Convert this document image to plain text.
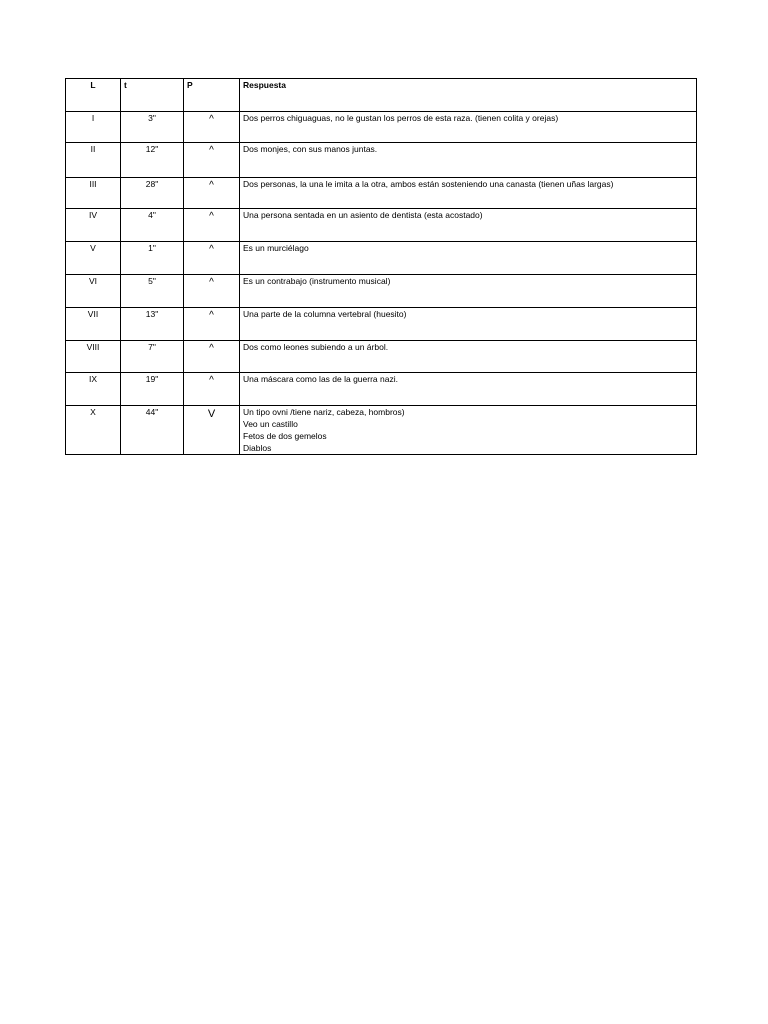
L	t	P	Respuesta
I	3"	^	Dos perros chiguaguas, no le gustan los perros de esta raza. (tienen colita y orejas)

II	12"	^	Dos monjes, con sus manos juntas.

III	28"	^	Dos personas, la una le imita a la otra, ambos están sosteniendo una canasta (tienen uñas largas)

IV	4"	^	Una persona sentada en un asiento de dentista (esta acostado)

V	1"	^	Es un murciélago

VI	5"	^	Es un contrabajo (instrumento musical)

VII	13"	^	Una parte de la columna vertebral (huesito)

VIII	7"	^	Dos como leones subiendo a un árbol.

IX	19"	^	Una máscara como las de la guerra nazi.

X	44"	V	Un tipo ovni /tiene nariz, cabeza, hombros)
Veo un castillo
Fetos de dos gemelos
Diablos
